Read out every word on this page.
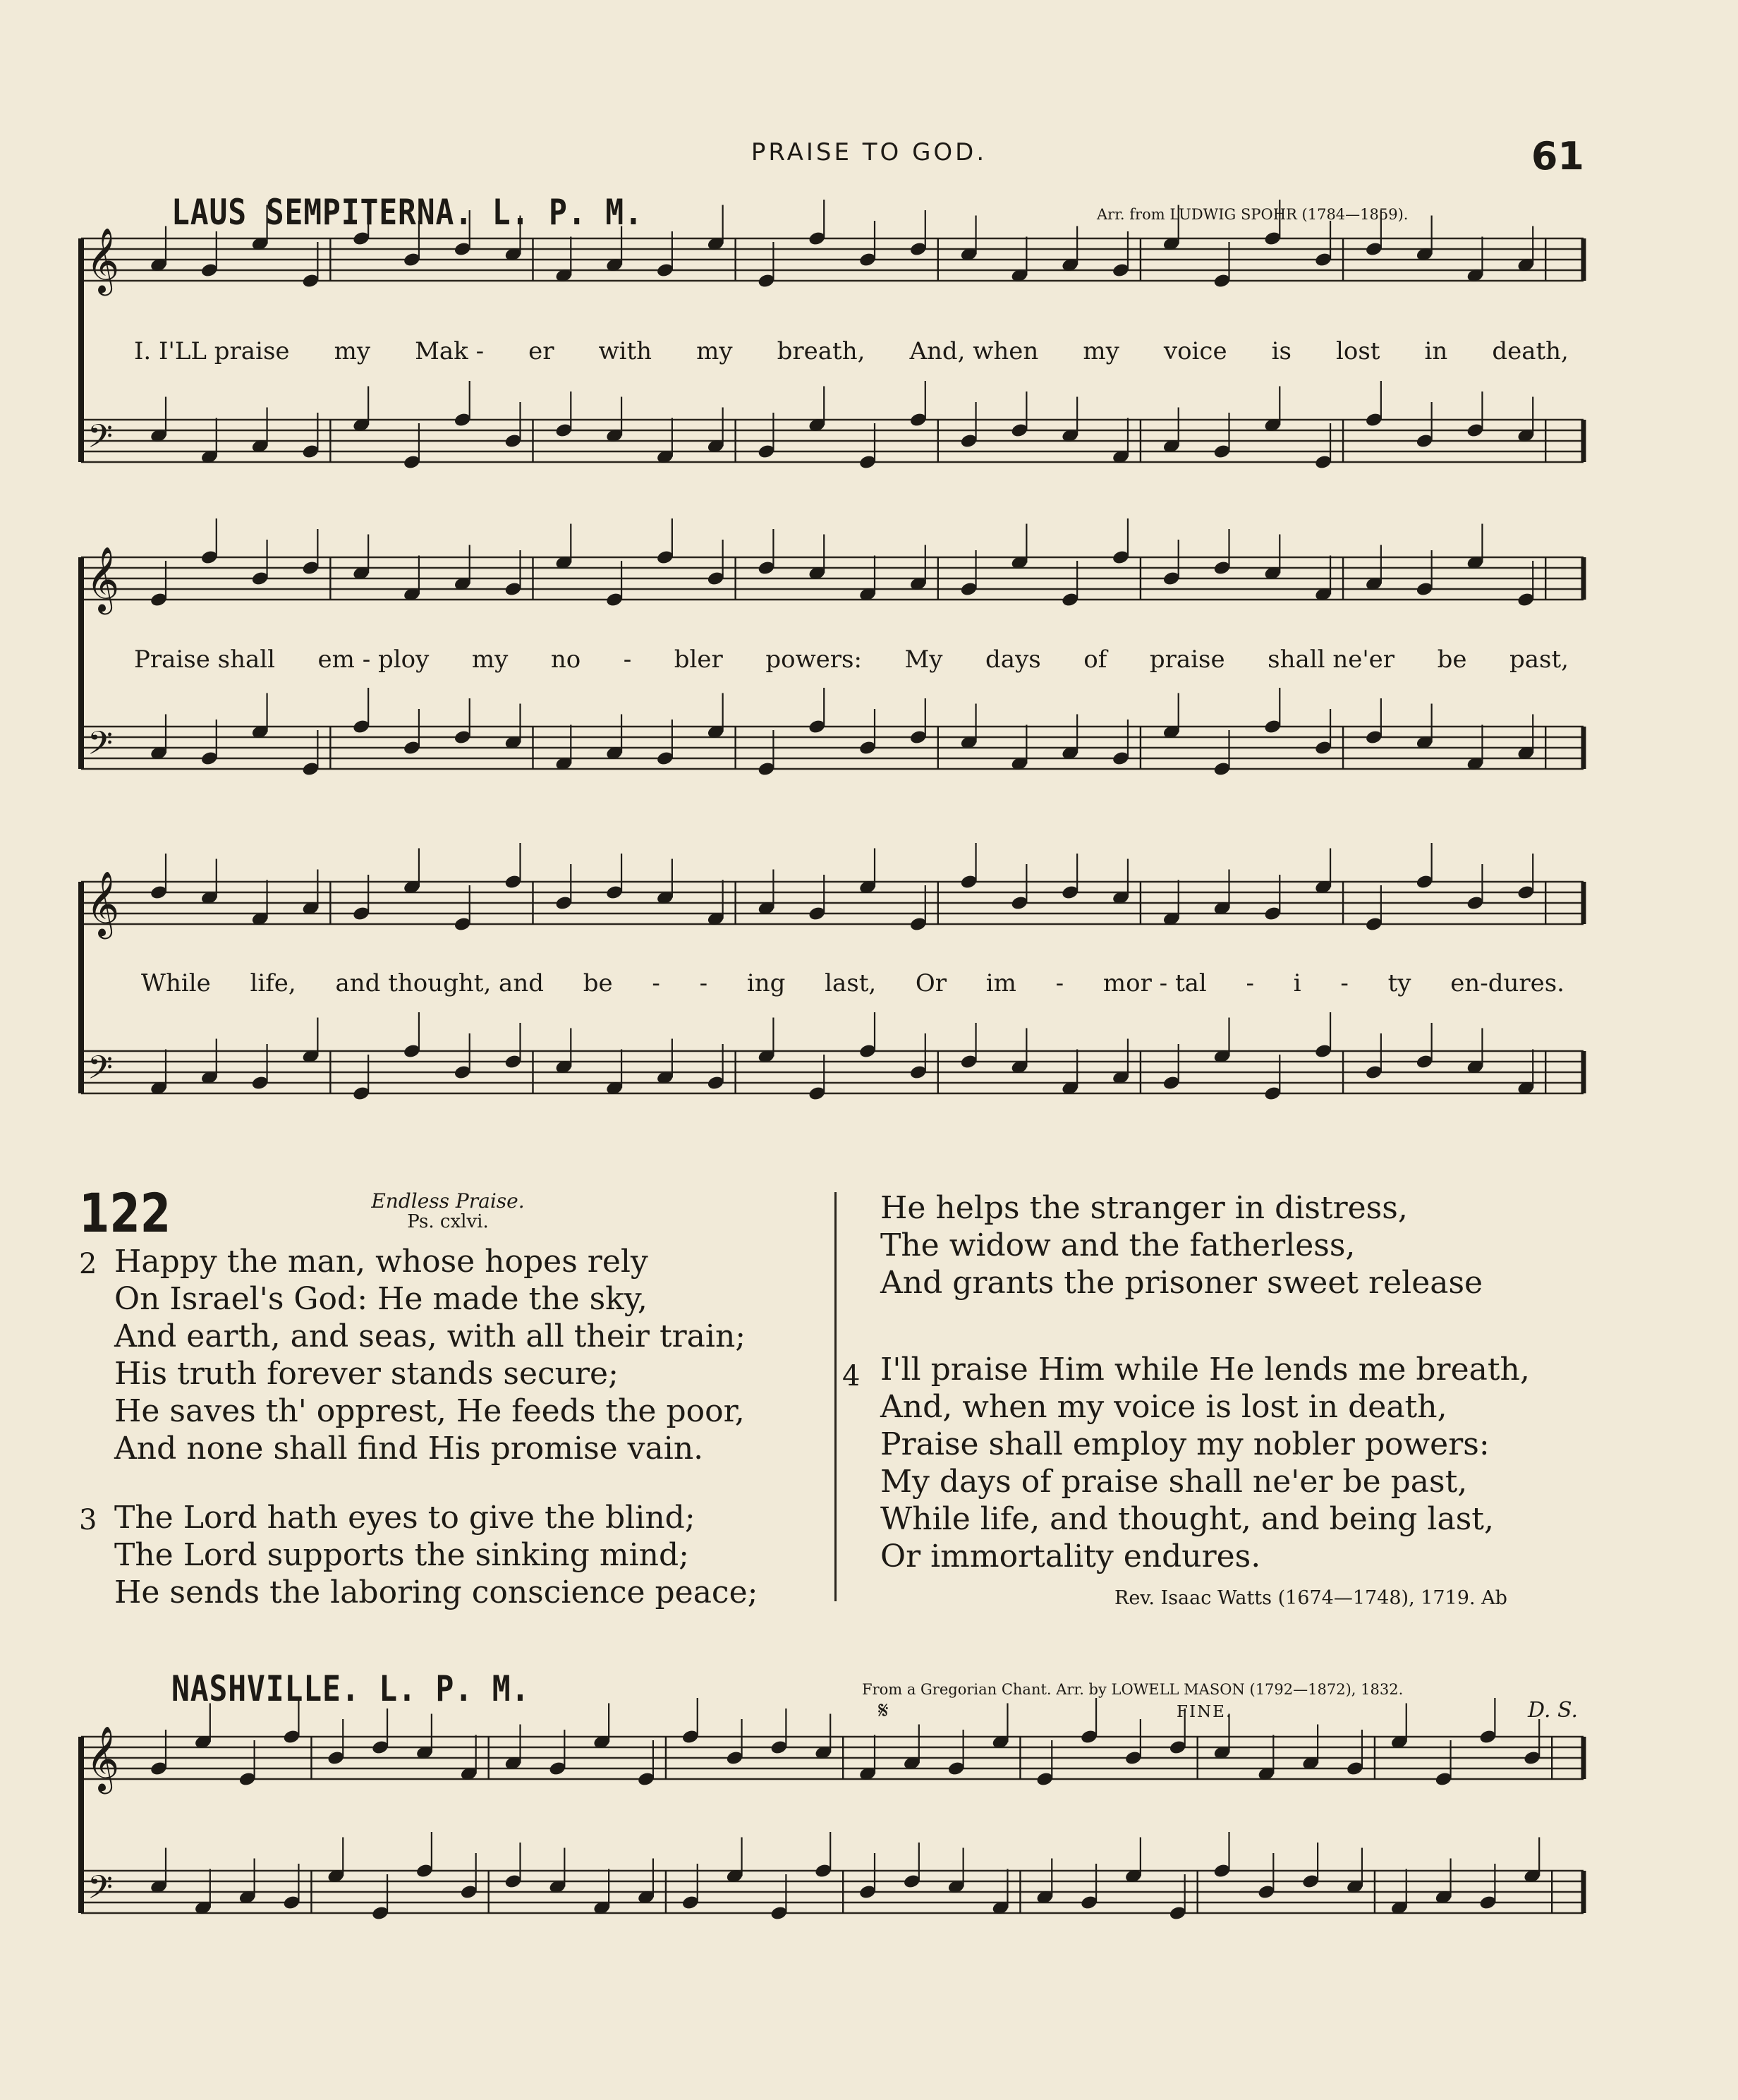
PRAISE TO GOD.	61
LAUS SEMPITERNA. L. P. M.	Arr. from LUDWIG SPOHR (1784—1859).
𝄞
𝄢
𝄞
𝄢
𝄞
𝄢
I. I'LL praise my Mak - er with my breath, And, when my voice is lost in death,
Praise shall em - ploy my no - bler powers: My days of praise shall ne'er be past,
While life, and thought, and be - - ing last, Or im - mor - tal - i - ty en-dures.
122	Endless Praise.
Ps. cxlvi.
2 Happy the man, whose hopes rely
On Israel's God: He made the sky,
And earth, and seas, with all their train;
His truth forever stands secure;
He saves th' opprest, He feeds the poor,
And none shall find His promise vain.
3 The Lord hath eyes to give the blind;
The Lord supports the sinking mind;
He sends the laboring conscience peace;
He helps the stranger in distress,
The widow and the fatherless,
And grants the prisoner sweet release
4 I'll praise Him while He lends me breath,
And, when my voice is lost in death,
Praise shall employ my nobler powers:
My days of praise shall ne'er be past,
While life, and thought, and being last,
Or immortality endures.
Rev. Isaac Watts (1674—1748), 1719. Ab
NASHVILLE. L. P. M.	From a Gregorian Chant. Arr. by LOWELL MASON (1792—1872), 1832.
𝄋	FINE.	D. S.
𝄞
𝄢
